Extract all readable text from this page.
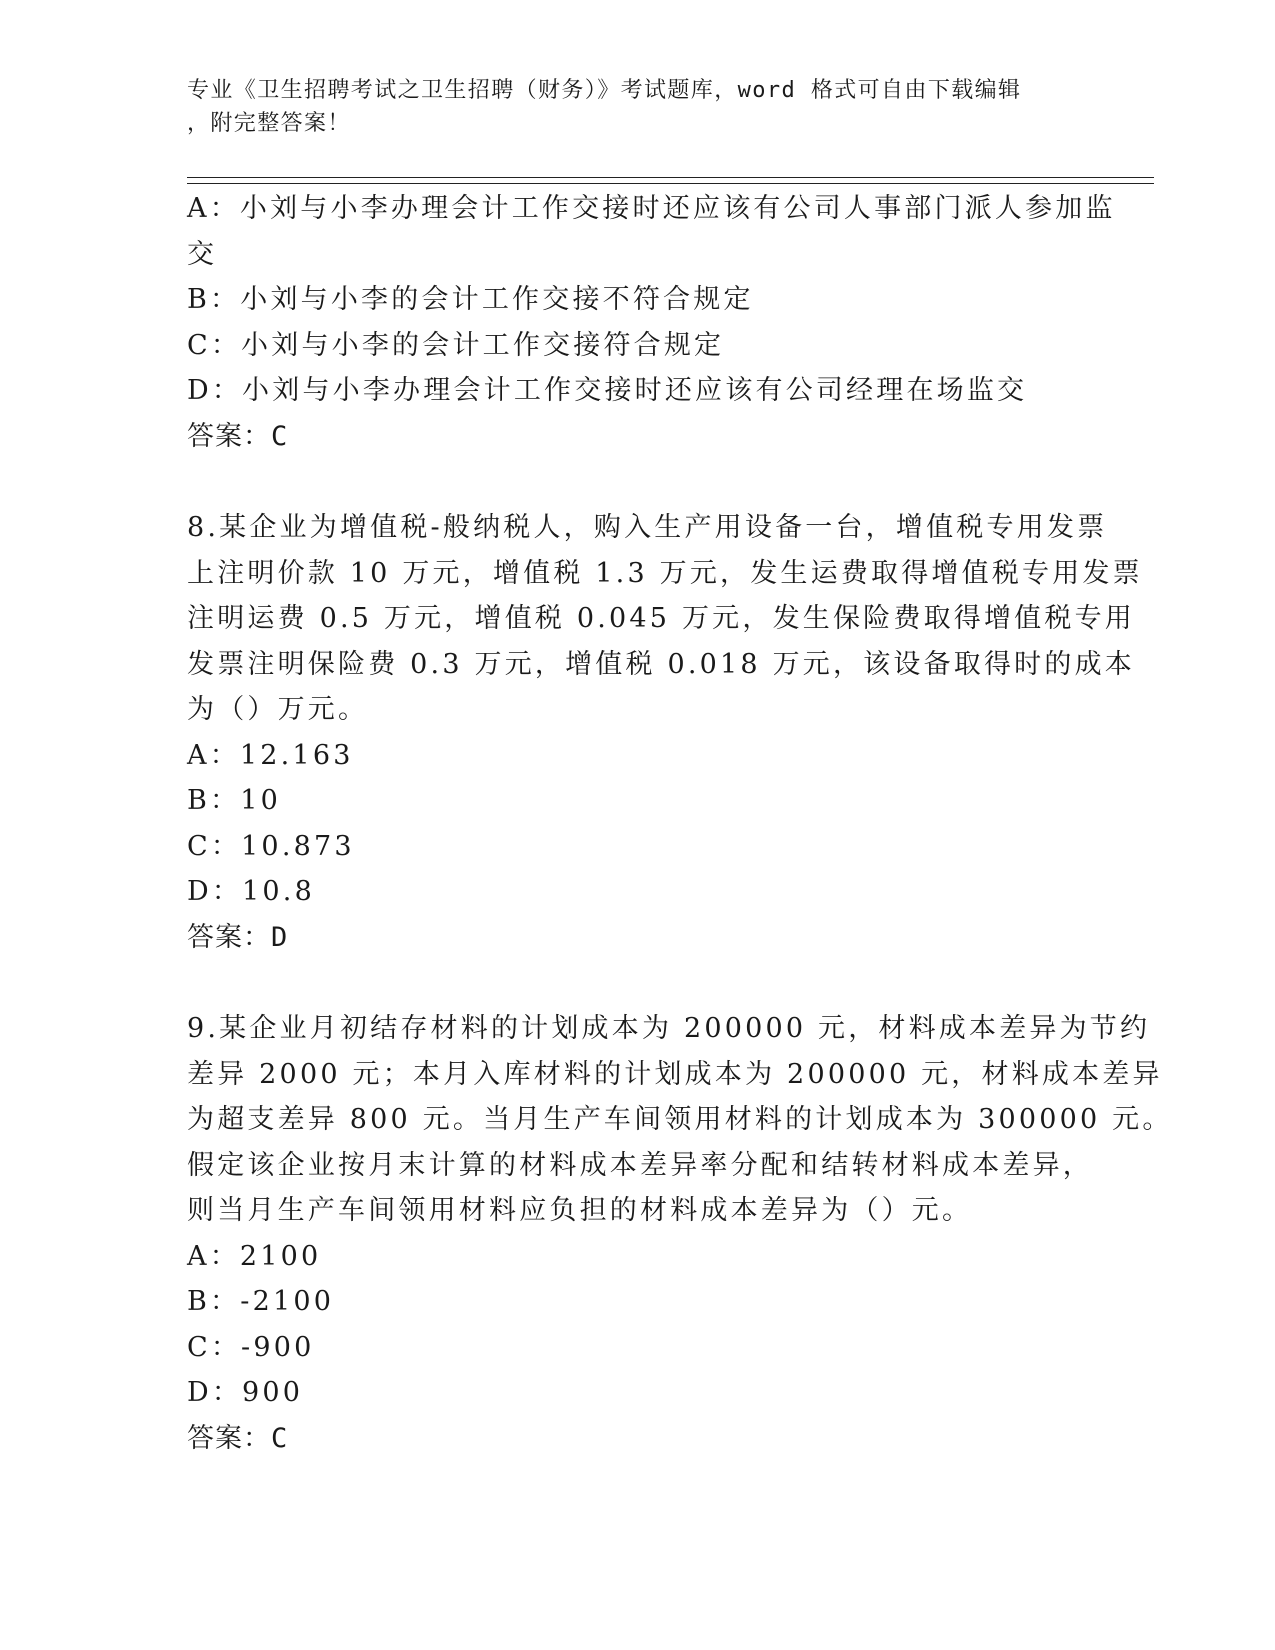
专业《卫生招聘考试之卫生招聘（财务）》考试题库，word 格式可自由下载编辑
，附完整答案！
A：小刘与小李办理会计工作交接时还应该有公司人事部门派人参加监
交
B：小刘与小李的会计工作交接不符合规定
C：小刘与小李的会计工作交接符合规定
D：小刘与小李办理会计工作交接时还应该有公司经理在场监交
答案：C
8.某企业为增值税-般纳税人，购入生产用设备一台，增值税专用发票
上注明价款 10 万元，增值税 1.3 万元，发生运费取得增值税专用发票
注明运费 0.5 万元，增值税 0.045 万元，发生保险费取得增值税专用
发票注明保险费 0.3 万元，增值税 0.018 万元，该设备取得时的成本
为（）万元。
A：12.163
B：10
C：10.873
D：10.8
答案：D
9.某企业月初结存材料的计划成本为 200000 元，材料成本差异为节约
差异 2000 元；本月入库材料的计划成本为 200000 元，材料成本差异
为超支差异 800 元。当月生产车间领用材料的计划成本为 300000 元。
假定该企业按月末计算的材料成本差异率分配和结转材料成本差异，
则当月生产车间领用材料应负担的材料成本差异为（）元。
A：2100
B：-2100
C：-900
D：900
答案：C
